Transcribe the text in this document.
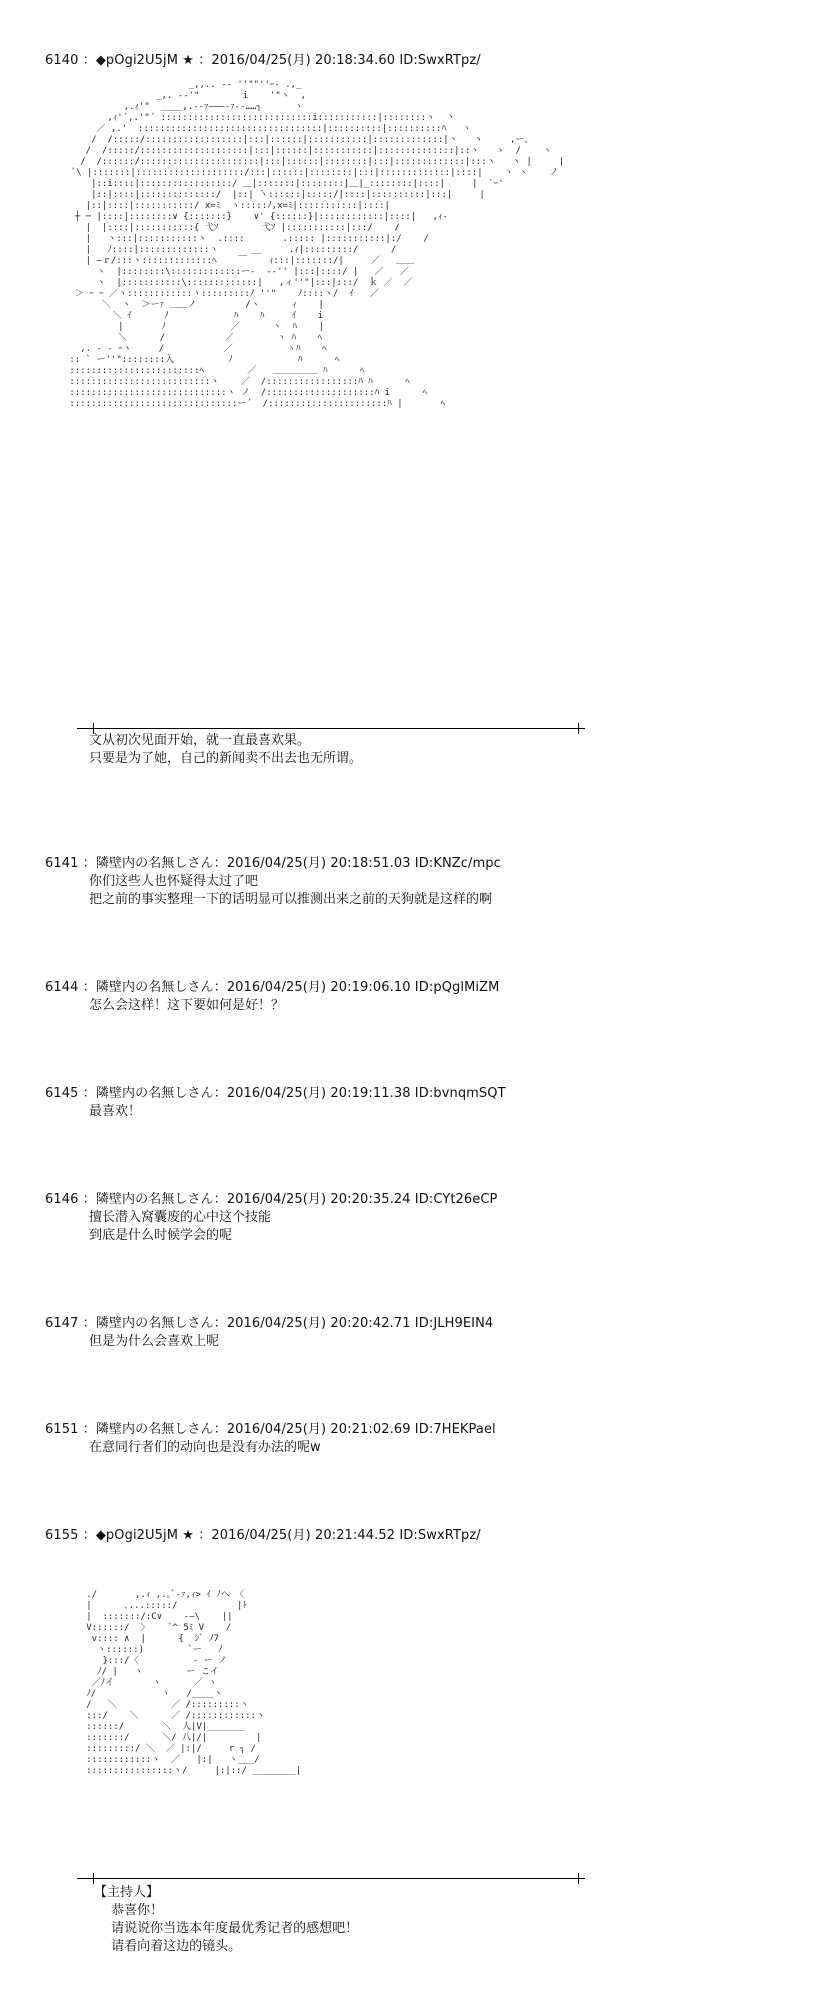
6140 ：◆pOgi2U5jM ★ ：2016/04/25(月) 20:18:34.60 ID:SwxRTpz/
_,,.. -‐ ''""''ｰ- .,_
_,. -‐'"        i    '"ヽ  ,
,.ｨ'"  ____,.--ｧ―――-ｧ-‐……┐      ヽ
,ｨ'´,.'"´ ::::::::::::::::::::::::::::i:::::::::::|::::::::ヽ  丶
／ ,.'  ::::::::::::::::::::::::::::::::::|::::::::::|::::::::::ﾊ   ヽ
/  /:::::/::::::::::::::::::|:::|::::::|:::::::::::|:::::::::::::|ヽ   ヽ     ,ー、
/  /:::::/::::::::::::::::::::|:::|::::::|:::::::::::|::::::::::::::|::ヽ   ゝ  /    ヽ
/  /::::::/::::::::::::::::::::::|:::|::::::|::::::::|:::|:::::::::::::|:::ヽ   ヽ |     |
ﾞ\ |:::::::|::::::::::::::::::::/:::|::::::|::::::::|:::|:::::::::::::|::::|    ヽ ヽ    ノ
|::i::::|:::::::::::::::::/ ＿|:::::::|::::::::|＿|_::::::::|::::|     |  `ｰ'
|::|::::|::::::::::::::/  |::| ̄ヽ::::::|:::::/|::::|::::::::::|:::|     |
|::|::::|:::::::::::/ x=ﾐ  ヽ:::::ﾉ,x=ﾐ|:::::::::::|::::|
┼ ─ |::::|::::::::∨ {:::::::}    ∨' {::::::}|::::::::::::|::::|   ,ｨ‐
|  |::::|:::::::::::{ 弋ｿ        弋ｿ |:::::::::::|:::/    /
|   ヽ:::|:::::::::::ヽ  .::::       .::::: |:::::::::::|:/    /
|   ﾉ::::|:::::::::::::ヽ      __     .ｨ|:::::::::/      /
| ―ｒ/:::ヽ:::::::::::::ﾍ    ￣    ｨ:::|:::::::/|     ／   ＿＿
ヽ  |::::::::\:::::::::::::ー-  -‐'' |:::|::::/ |   ／   ／
ヽ  |:::::::::::\:::::::::::::|   ,ィ''"|:::|:::/  ｋ ／  ／
＞ ｰ ｰ ／ヽ::::::::::::ヽ:::::::::ﾉ ''"    ﾉ::::ヽ/  ｲ   ／
＼  ヽ  ＞ーｧ ＿＿ノ         /ヽ      ｨ    |
＼ ｲ      ﾉ            ﾊ    ﾊ     ｲ    i
|       ﾉ            ／      ヽ  ﾊ    |
＼      /           ／        ヽ ﾊ    ﾍ
,. - ‐ ｰヽ     /           ／          ヽﾊ    ﾍ
:: ` ー''"::::::::入          ﾉ            ﾊ      ﾍ
::::::::::::::::::::::::ﾍ        ／   ＿＿＿＿＿ ﾊ      ﾍ
::::::::::::::::::::::::::ヽ    ／  /:::::::::::::::::ﾊ ﾊ      ﾍ
:::::::::::::::::::::::::::::ヽ ノ  /::::::::::::::::::::ﾊ i      ﾍ
:::::::::::::::::::::::::::::::ー´  /::::::::::::::::::::::ﾊ |       ﾍ
文从初次见面开始，就一直最喜欢果。
只要是为了她，自己的新闻卖不出去也无所谓。
6141 ：隣壁内の名無しさん：2016/04/25(月) 20:18:51.03 ID:KNZc/mpc
你们这些人也怀疑得太过了吧
把之前的事实整理一下的话明显可以推测出来之前的天狗就是这样的啊
6144 ：隣壁内の名無しさん：2016/04/25(月) 20:19:06.10 ID:pQglMiZM
怎么会这样！这下要如何是好！？
6145 ：隣壁内の名無しさん：2016/04/25(月) 20:19:11.38 ID:bvnqmSQT
最喜欢！
6146 ：隣壁内の名無しさん：2016/04/25(月) 20:20:35.24 ID:CYt26eCP
擅长潜入窝囊废的心中这个技能
到底是什么时候学会的呢
6147 ：隣壁内の名無しさん：2016/04/25(月) 20:20:42.71 ID:JLH9EIN4
但是为什么会喜欢上呢
6151 ：隣壁内の名無しさん：2016/04/25(月) 20:21:02.69 ID:7HEKPael
在意同行者们的动向也是没有办法的呢w
6155 ：◆pOgi2U5jM ★ ：2016/04/25(月) 20:21:44.52 ID:SwxRTpz/
./       ,.ｨ ,.｡ﾞ-ｧ,ｨ> ｲ ﾉへ 〈
|      ､...:::::/           |ﾄ
|  :::::::/:C∨    ‐―\    ||
V::::::/  〉    ﾞ^ 5ﾐ V    /
v:::: ∧  |      {  ｼﾞ ﾉ7
ヽ::::::)        `ー   ﾉ
}:::/〈          ‐ ー ノ
ﾉ/ |   ヽ        ー こイ
／ﾉイ       ヽ      ／ ヽ
ﾉ/            ヽ   /____ヽ
/   ＼          ／ /:::::::::ヽ
:::/    ＼      ／ /::::::::::::ヽ
::::::/       ＼  人|V|_______
:::::::/      ＼/ 八|/|         |
:::::::::/ ＼  ／ |:|/     r ┐ /
::::::::::::ヽ  ／   |:|   ヽ___/
::::::::::::::::ヽ/     |:|::/ ________|
【主持人】
　 恭喜你！
　 请说说你当选本年度最优秀记者的感想吧！
　 请看向着这边的镜头。
